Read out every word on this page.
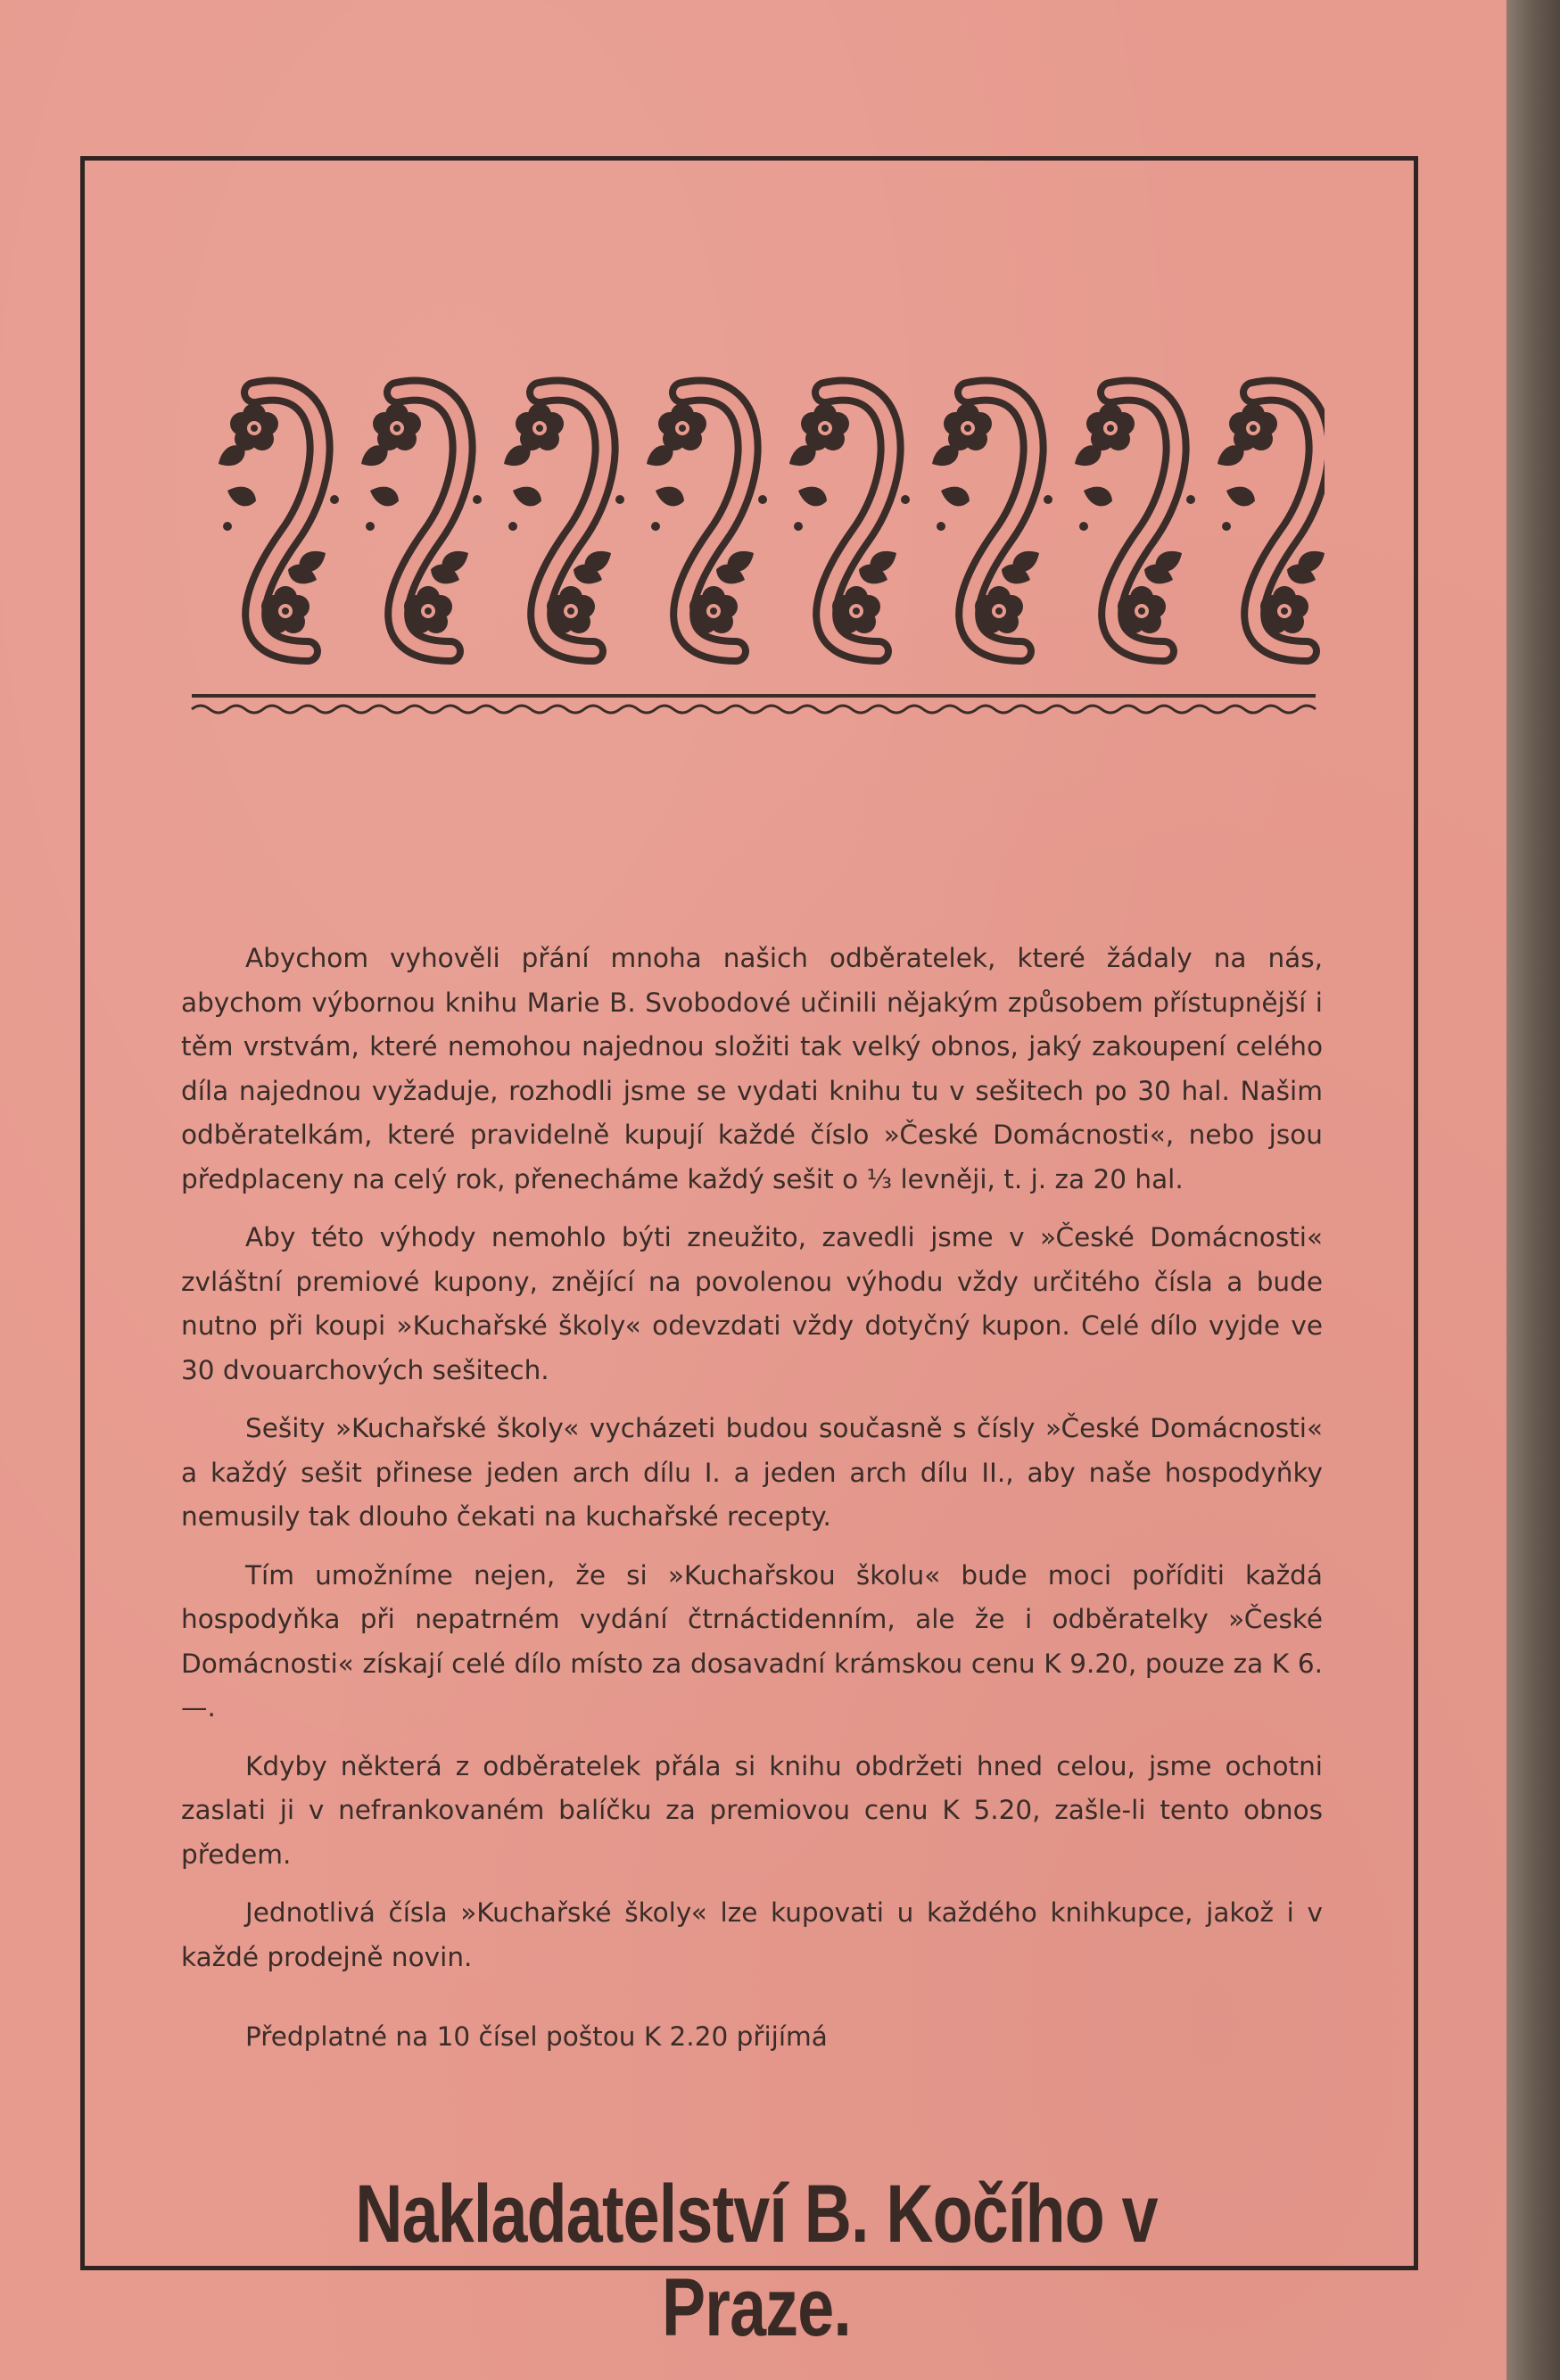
Abychom vyhověli přání mnoha našich odběratelek, které žádaly na nás, abychom výbornou knihu Marie B. Svobodové učinili nějakým způsobem přístupnější i těm vrstvám, které nemohou najednou složiti tak velký obnos, jaký zakoupení celého díla najednou vyžaduje, rozhodli jsme se vydati knihu tu v sešitech po 30 hal. Našim odběratelkám, které pravidelně kupují každé číslo »České Domácnosti«, nebo jsou předplaceny na celý rok, přenecháme každý sešit o ⅓ levněji, t. j. za 20 hal.

Aby této výhody nemohlo býti zneužito, zavedli jsme v »České Domácnosti« zvláštní premiové kupony, znějící na povolenou výhodu vždy určitého čísla a bude nutno při koupi »Kuchařské školy« odevzdati vždy dotyčný kupon. Celé dílo vyjde ve 30 dvouarchových sešitech.

Sešity »Kuchařské školy« vycházeti budou současně s čísly »České Domácnosti« a každý sešit přinese jeden arch dílu I. a jeden arch dílu II., aby naše hospodyňky nemusily tak dlouho čekati na kuchařské recepty.

Tím umožníme nejen, že si »Kuchařskou školu« bude moci poříditi každá hospodyňka při nepatrném vydání čtrnáctidenním, ale že i odběratelky »České Domácnosti« získají celé dílo místo za dosavadní krámskou cenu K 9.20, pouze za K 6.—.

Kdyby některá z odběratelek přála si knihu obdržeti hned celou, jsme ochotni zaslati ji v nefrankovaném balíčku za premiovou cenu K 5.20, zašle-li tento obnos předem.

Jednotlivá čísla »Kuchařské školy« lze kupovati u každého knihkupce, jakož i v každé prodejně novin.

Předplatné na 10 čísel poštou K 2.20 přijímá

Nakladatelství B. Kočího v Praze.
